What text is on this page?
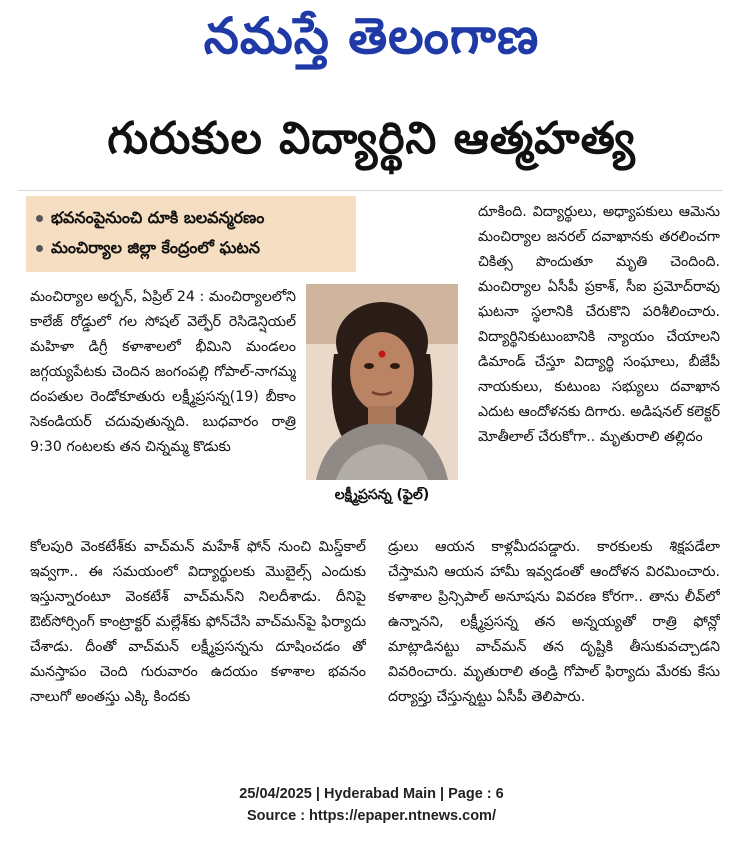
నమస్తే తెలంగాణ
గురుకుల విద్యార్థిని ఆత్మహత్య
భవనంపైనుంచి దూకి బలవన్మరణం
మంచిర్యాల జిల్లా కేంద్రంలో ఘటన

మంచిర్యాల అర్బన్, ఏప్రిల్ 24 : మంచిర్యాలలోని కాలేజ్ రోడ్డులో గల సోషల్ వెల్ఫేర్ రెసిడెన్షియల్ మహిళా డిగ్రీ కళాశాలలో భీమిని మండలం జగ్గయ్యపేటకు చెందిన జంగంపల్లి గోపాల్-నాగమ్మ దంపతుల రెండోకూతురు లక్ష్మీప్రసన్న(19) బీకాం సెకండియర్ చదువుతున్నది. బుధవారం రాత్రి 9:30 గంటలకు తన చిన్నమ్మ కొడుకు

లక్ష్మీప్రసన్న (ఫైల్)

కోలపురి వెంకటేశ్‌కు వాచ్‌మన్ మహేశ్ ఫోన్ నుంచి మిస్డ్‌కాల్ ఇవ్వగా.. ఈ సమయంలో విద్యార్థులకు మొబైల్స్ ఎందుకు ఇస్తున్నారంటూ వెంకటేశ్ వాచ్‌మన్‌ని నిలదీశాడు. దీనిపై ఔట్‌సోర్సింగ్ కాంట్రాక్టర్ మల్లేశ్‌కు ఫోన్‌చేసి వాచ్‌మన్‌పై ఫిర్యాదు చేశాడు. దీంతో వాచ్‌మన్ లక్ష్మీప్రసన్నను దూషించడం తో మనస్తాపం చెంది గురువారం ఉదయం కళాశాల భవనం నాలుగో అంతస్తు ఎక్కి కిందకు

దూకింది. విద్యార్థులు, అధ్యాపకులు ఆమెను మంచిర్యాల జనరల్ దవాఖానకు తరలించగా చికిత్స పొందుతూ మృతి చెందింది. మంచిర్యాల ఏసీపీ ప్రకాశ్, సీఐ ప్రమోద్‌రావు ఘటనా స్థలానికి చేరుకొని పరిశీలించారు. విద్యార్థినికుటుంబానికి న్యాయం చేయాలని డిమాండ్ చేస్తూ విద్యార్థి సంఘాలు, బీజేపీ నాయకులు, కుటుంబ సభ్యులు దవాఖాన ఎదుట ఆందోళనకు దిగారు. అడిషనల్ కలెక్టర్ మోతీలాల్ చేరుకోగా.. మృతురాలి తల్లిదం

డ్రులు ఆయన కాళ్లమీదపడ్డారు. కారకులకు శిక్షపడేలా చేస్తామని ఆయన హామీ ఇవ్వడంతో ఆందోళన విరమించారు. కళాశాల ప్రిన్సిపాల్ అనూషను వివరణ కోరగా.. తాను లీవ్‌లో ఉన్నానని, లక్ష్మీప్రసన్న తన అన్నయ్యతో రాత్రి ఫోన్లో మాట్లాడినట్టు వాచ్‌మన్ తన దృష్టికి తీసుకువచ్చాడని వివరించారు. మృతురాలి తండ్రి గోపాల్ ఫిర్యాదు మేరకు కేసు దర్యాప్తు చేస్తున్నట్టు ఏసీపీ తెలిపారు.

25/04/2025 | Hyderabad Main | Page : 6
Source : https://epaper.ntnews.com/
